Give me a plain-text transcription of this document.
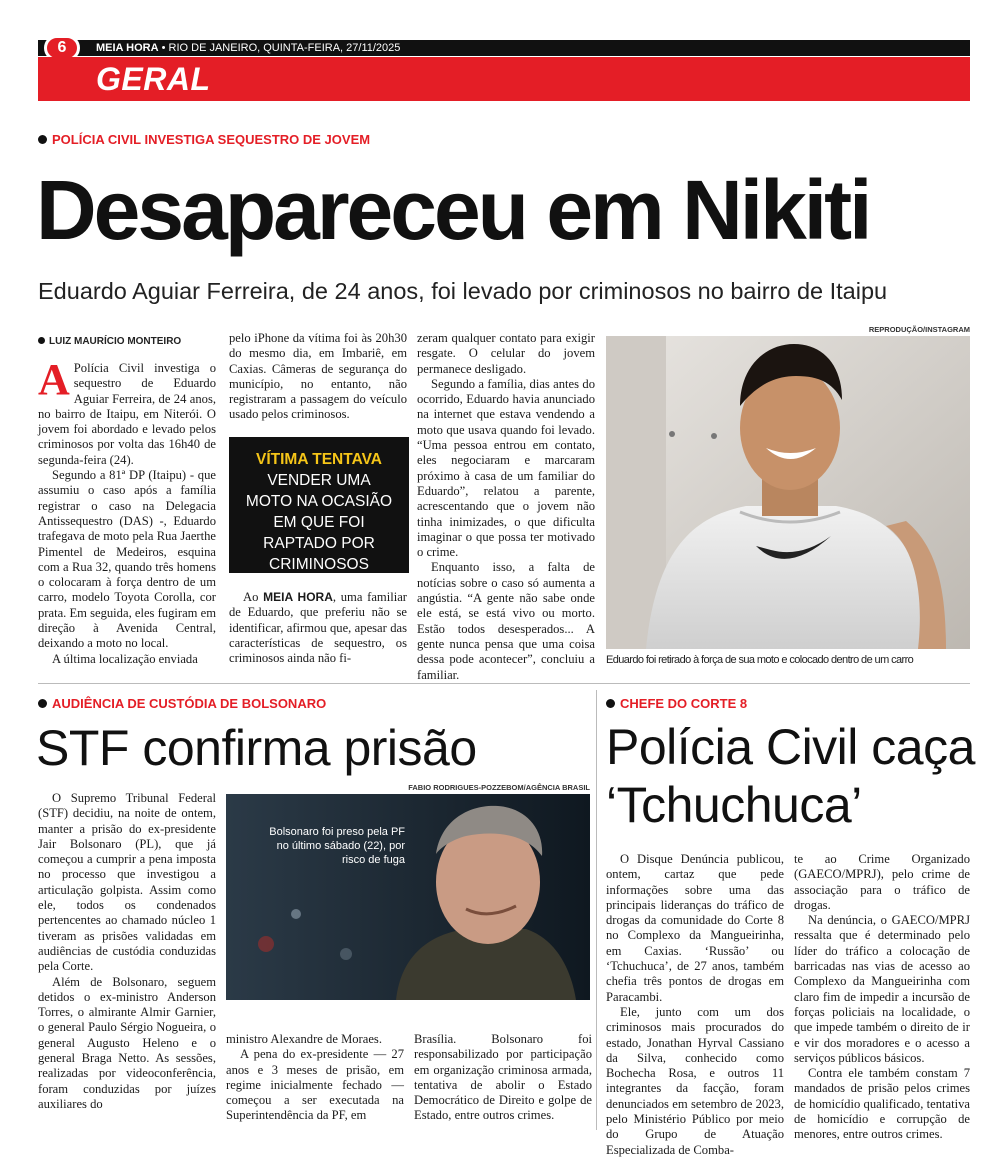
6	MEIA HORA • RIO DE JANEIRO, QUINTA-FEIRA, 27/11/2025
GERAL
POLÍCIA CIVIL INVESTIGA SEQUESTRO DE JOVEM
Desapareceu em Nikiti
Eduardo Aguiar Ferreira, de 24 anos, foi levado por criminosos no bairro de Itaipu
LUIZ MAURÍCIO MONTEIRO

A Polícia Civil investiga o sequestro de Eduardo Aguiar Ferreira, de 24 anos, no bairro de Itaipu, em Niterói. O jovem foi abordado e levado pelos criminosos por volta das 16h40 de segunda-feira (24).

Segundo a 81ª DP (Itaipu) - que assumiu o caso após a família registrar o caso na Delegacia Antissequestro (DAS) -, Eduardo trafegava de moto pela Rua Jaerthe Pimentel de Medeiros, esquina com a Rua 32, quando três homens o colocaram à força dentro de um carro, modelo Toyota Corolla, cor prata. Em seguida, eles fugiram em direção à Avenida Central, deixando a moto no local.

A última localização enviada

pelo iPhone da vítima foi às 20h30 do mesmo dia, em Imbariê, em Caxias. Câmeras de segurança do município, no entanto, não registraram a passagem do veículo usado pelos criminosos.

VÍTIMA TENTAVA
VENDER UMA MOTO NA OCASIÃO EM QUE FOI RAPTADO POR CRIMINOSOS

Ao MEIA HORA, uma familiar de Eduardo, que preferiu não se identificar, afirmou que, apesar das características de sequestro, os criminosos ainda não fi-

zeram qualquer contato para exigir resgate. O celular do jovem permanece desligado.

Segundo a família, dias antes do ocorrido, Eduardo havia anunciado na internet que estava vendendo a moto que usava quando foi levado. “Uma pessoa entrou em contato, eles negociaram e marcaram próximo à casa de um familiar do Eduardo”, relatou a parente, acrescentando que o jovem não tinha inimizades, o que dificulta imaginar o que possa ter motivado o crime.

Enquanto isso, a falta de notícias sobre o caso só aumenta a angústia. “A gente não sabe onde ele está, se está vivo ou morto. Estão todos desesperados... A gente nunca pensa que uma coisa dessa pode acontecer”, concluiu a familiar.

REPRODUÇÃO/INSTAGRAM
Eduardo foi retirado à força de sua moto e colocado dentro de um carro
AUDIÊNCIA DE CUSTÓDIA DE BOLSONARO
STF confirma prisão

O Supremo Tribunal Federal (STF) decidiu, na noite de ontem, manter a prisão do ex-presidente Jair Bolsonaro (PL), que já começou a cumprir a pena imposta no processo que investigou a articulação golpista. Assim como ele, todos os condenados pertencentes ao chamado núcleo 1 tiveram as prisões validadas em audiências de custódia conduzidas pela Corte.

Além de Bolsonaro, seguem detidos o ex-ministro Anderson Torres, o almirante Almir Garnier, o general Paulo Sérgio Nogueira, o general Augusto Heleno e o general Braga Netto. As sessões, realizadas por videoconferência, foram conduzidas por juízes auxiliares do

FABIO RODRIGUES-POZZEBOM/AGÊNCIA BRASIL
Bolsonaro foi preso pela PF no último sábado (22), por risco de fuga

ministro Alexandre de Moraes.

A pena do ex-presidente — 27 anos e 3 meses de prisão, em regime inicialmente fechado — começou a ser executada na Superintendência da PF, em

Brasília. Bolsonaro foi responsabilizado por participação em organização criminosa armada, tentativa de abolir o Estado Democrático de Direito e golpe de Estado, entre outros crimes.

CHEFE DO CORTE 8
Polícia Civil caça ‘Tchuchuca’

O Disque Denúncia publicou, ontem, cartaz que pede informações sobre uma das principais lideranças do tráfico de drogas da comunidade do Corte 8 no Complexo da Mangueirinha, em Caxias. ‘Russão’ ou ‘Tchuchuca’, de 27 anos, também chefia três pontos de drogas em Paracambi.

Ele, junto com um dos criminosos mais procurados do estado, Jonathan Hyrval Cassiano da Silva, conhecido como Bochecha Rosa, e outros 11 integrantes da facção, foram denunciados em setembro de 2023, pelo Ministério Público por meio do Grupo de Atuação Especializada de Comba-

te ao Crime Organizado (GAECO/MPRJ), pelo crime de associação para o tráfico de drogas.

Na denúncia, o GAECO/MPRJ ressalta que é determinado pelo líder do tráfico a colocação de barricadas nas vias de acesso ao Complexo da Mangueirinha com claro fim de impedir a incursão de forças policiais na localidade, o que impede também o direito de ir e vir dos moradores e o acesso a serviços públicos básicos.

Contra ele também constam 7 mandados de prisão pelos crimes de homicídio qualificado, tentativa de homicídio e corrupção de menores, entre outros crimes.
